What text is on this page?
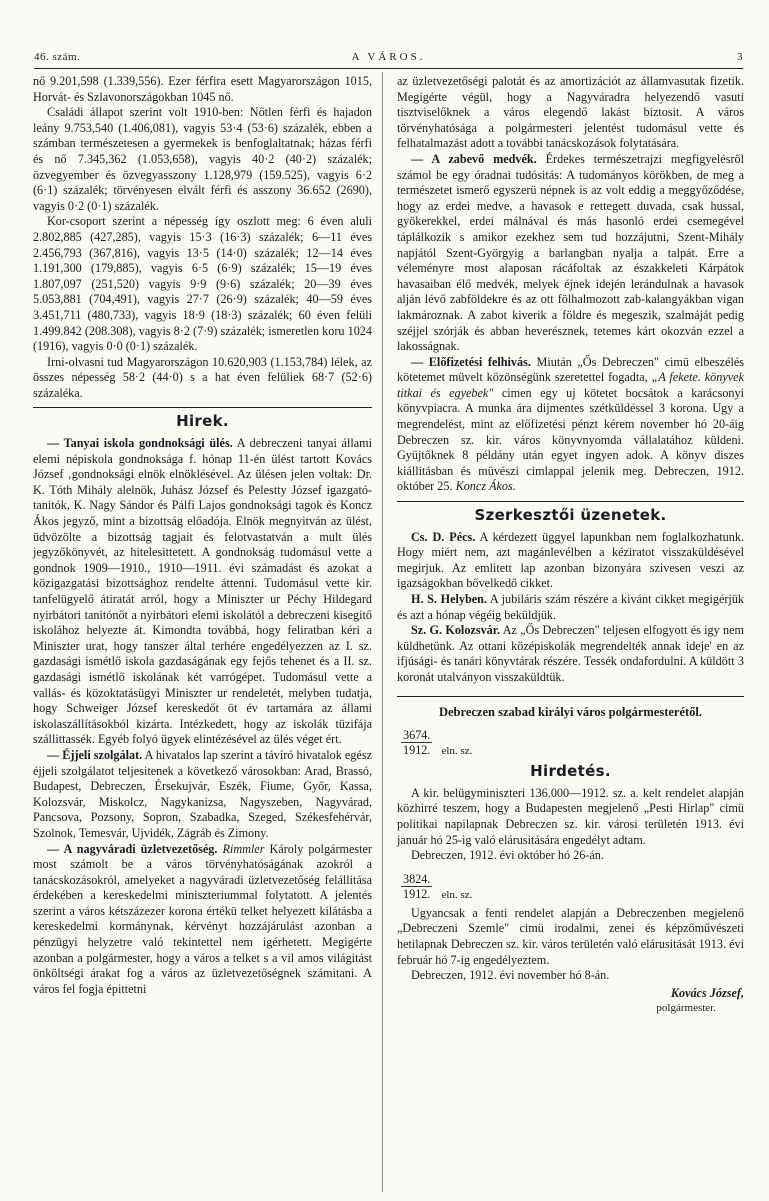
46. szám.	A VÁROS.	3

nő 9.201,598 (1.339,556). Ezer férfira esett Magyarországon 1015, Horvát- és Szlavonországokban 1045 nő.

Családi állapot szerint volt 1910-ben: Nőtlen férfi és hajadon leány 9.753,540 (1.406,081), vagyis 53·4 (53·6) százalék, ebben a számban természetesen a gyermekek is benfoglaltatnak; házas férfi és nő 7.345,362 (1.053,658), vagyis 40·2 (40·2) százalék; özvegyember és özvegyasszony 1.128,979 (159.525), vagyis 6·2 (6·1) százalék; törvényesen elvált férfi és asszony 36.652 (2690), vagyis 0·2 (0·1) százalék.

Kor-csoport szerint a népesség így oszlott meg: 6 éven aluli 2.802,885 (427,285), vagyis 15·3 (16·3) százalék; 6—11 éves 2.456,793 (367,816), vagyis 13·5 (14·0) százalék; 12—14 éves 1.191,300 (179,885), vagyis 6·5 (6·9) százalék; 15—19 éves 1.807,097 (251,520) vagyis 9·9 (9·6) százalék; 20—39 éves 5.053,881 (704,491), vagyis 27·7 (26·9) százalék; 40—59 éves 3.451,711 (480,733), vagyis 18·9 (18·3) százalék; 60 éven felüli 1.499.842 (208.308), vagyis 8·2 (7·9) százalék; ismeretlen koru 1024 (1916), vagyis 0·0 (0·1) százalék.

Irni-olvasni tud Magyarországon 10.620,903 (1.153,784) lélek, az összes népesség 58·2 (44·0) s a hat éven felüliek 68·7 (52·6) százaléka.

Hirek.

— Tanyai iskola gondnoksági ülés. A debreczeni tanyai állami elemi népiskola gondnoksága f. hónap 11-én ülést tartott Kovács József ‚gondnoksági elnök elnöklésével. Az ülésen jelen voltak: Dr. K. Tóth Mihály alelnök, Juhász József és Pelestty József igazgató-tanitók, K. Nagy Sándor és Pálfi Lajos gondnoksági tagok és Koncz Ákos jegyző, mint a bizottság előadója. Elnök megnyitván az ülést, üdvözölte a bizottság tagjait és felotvastatván a mult ülés jegyzőkönyvét, az hitelesittetett. A gondnokság tudomásul vette a gondnok 1909—1910., 1910—1911. évi számadást és azokat a közigazgatási bizottsághoz rendelte áttenni. Tudomásul vette kir. tanfelügyelő átiratát arról, hogy a Miniszter ur Péchy Hildegard nyirbátori tanitónőt a nyirbátori elemi iskolától a debreczeni kisegitő iskolához helyezte át. Kimondta továbbá, hogy feliratban kéri a Miniszter urat, hogy tanszer által terhére engedélyezzen az I. sz. gazdasági ismétlő iskola gazdaságának egy fejős tehenet és a II. sz. gazdasági ismétlő iskolának két varrógépet. Tudomásul vette a vallás- és közoktatásügyi Miniszter ur rendeletét, melyben tudatja, hogy Schweiger József kereskedőt öt év tartamára az állami iskolaszállításokból kizárta. Intézkedett, hogy az iskolák tüzifája szállittassék. Egyéb folyó ügyek elintézésével az ülés véget ért.

— Éjjeli szolgálat. A hivatalos lap szerint a távíró hivatalok egész éjjeli szolgálatot teljesitenek a következő városokban: Arad, Brassó, Budapest, Debreczen, Érsekujvár, Eszék, Fiume, Győr, Kassa, Kolozsvár, Miskolcz, Nagykanizsa, Nagyszeben, Nagyvárad, Pancsova, Pozsony, Sopron, Szabadka, Szeged, Székesfehérvár, Szolnok, Temesvár, Ujvidék, Zágráb és Zimony.

— A nagyváradi üzletvezetőség. Rimmler Károly polgármester most számolt be a város törvényhatóságának azokról a tanácskozásokról, amelyeket a nagyváradi üzletvezetőség felállitása érdekében a kereskedelmi miniszteriummal folytatott. A jelentés szerint a város kétszázezer korona értékü telket helyezett kilátásba a kereskedelmi kormánynak, kérvényt hozzájárulást azonban a pénzügyi helyzetre való tekintettel nem igérhetett. Megigérte azonban a polgármester, hogy a város a telket s a vil amos világitást önköltségi árakat fog a város az üzletvezetőségnek számitani. A város fel fogja épittetni

az üzletvezetőségi palotát és az amortizációt az államvasutak fizetik. Megigérte végül, hogy a Nagyváradra helyezendő vasuti tisztviselőknek a város elegendő lakást biztosit. A város törvényhatósága a polgármesteri jelentést tudomásul vette és felhatalmazást adott a további tanácskozások folytatására.

— A zabevő medvék. Érdekes természetrajzi megfigyelésről számol be egy óradnai tudósitás: A tudományos körökben, de meg a természetet ismerő egyszerü népnek is az volt eddig a meggyőződése, hogy az erdei medve, a havasok e rettegett duvada, csak hussal, gyökerekkel, erdei málnával és más hasonló erdei csemegével táplálkozik s amikor ezekhez sem tud hozzájutni, Szent-Mihály napjától Szent-Györgyig a barlangban nyalja a talpát. Erre a véleményre most alaposan rácáfoltak az északkeleti Kárpátok havasaiban élő medvék, melyek éjnek idején lerándulnak a havasok alján lévő zabföldekre és az ott fölhalmozott zab-kalangyákban vigan lakmároznak. A zabot kiverik a földre és megeszik, szalmáját pedig széjjel szórják és abban heverésznek, tetemes kárt okozván ezzel a lakosságnak.

— Előfizetési felhivás. Miután „Ős Debreczen" cimü elbeszélés kötetemet müvelt közönségünk szeretettel fogadta, „A fekete. könyvek titkai és egyebek" cimen egy uj kötetet bocsátok a karácsonyi könyvpiacra. A munka ára dijmentes szétküldéssel 3 korona. Ugy a megrendelést, mint az előfizetési pénzt kérem november hó 20-áig Debreczen sz. kir. város könyvnyomda vállalatához küldeni. Gyüjtőknek 8 példány után egyet ingyen adok. A könyv diszes kiállitásban és müvészi cimlappal jelenik meg. Debreczen, 1912. október 25. Koncz Ákos.

Szerkesztői üzenetek.

Cs. D. Pécs. A kérdezett üggyel lapunkban nem foglalkozhatunk. Hogy miért nem, azt magánlevélben a kéziratot visszaküldésével megirjuk. Az emlitett lap azonban bizonyára szivesen veszi az igazságokban bővelkedő cikket.

H. S. Helyben. A jubiláris szám részére a kivánt cikket megigérjük és azt a hónap végéig beküldjük.

Sz. G. Kolozsvár. Az „Ős Debreczen" teljesen elfogyott és igy nem küldhetünk. Az ottani középiskolák megrendelték annak ideje' en az ifjúsági- és tanári könyvtárak részére. Tessék ondafordulni. A küldött 3 koronát utalványon visszaküldtük.

Debreczen szabad királyi város polgármesterétől.
3674.
1912. eln. sz.
Hirdetés.

A kir. belügyminiszteri 136.000—1912. sz. a. kelt rendelet alapján közhirré teszem, hogy a Budapesten megjelenő „Pesti Hirlap" cimü politikai napilapnak Debreczen sz. kir. városi területén 1913. évi január hó 25-ig való elárusitására engedélyt adtam.

Debreczen, 1912. évi október hó 26-án.

3824.
1912. eln. sz.

Ugyancsak a fenti rendelet alapján a Debreczenben megjelenő „Debreczeni Szemle" cimü irodalmi, zenei és képzőművészeti hetilapnak Debreczen sz. kir. város területén való elárusitását 1913. évi február hó 7-ig engedélyeztem.

Debreczen, 1912. évi november hó 8-án.

Kovács József,
polgármester.
